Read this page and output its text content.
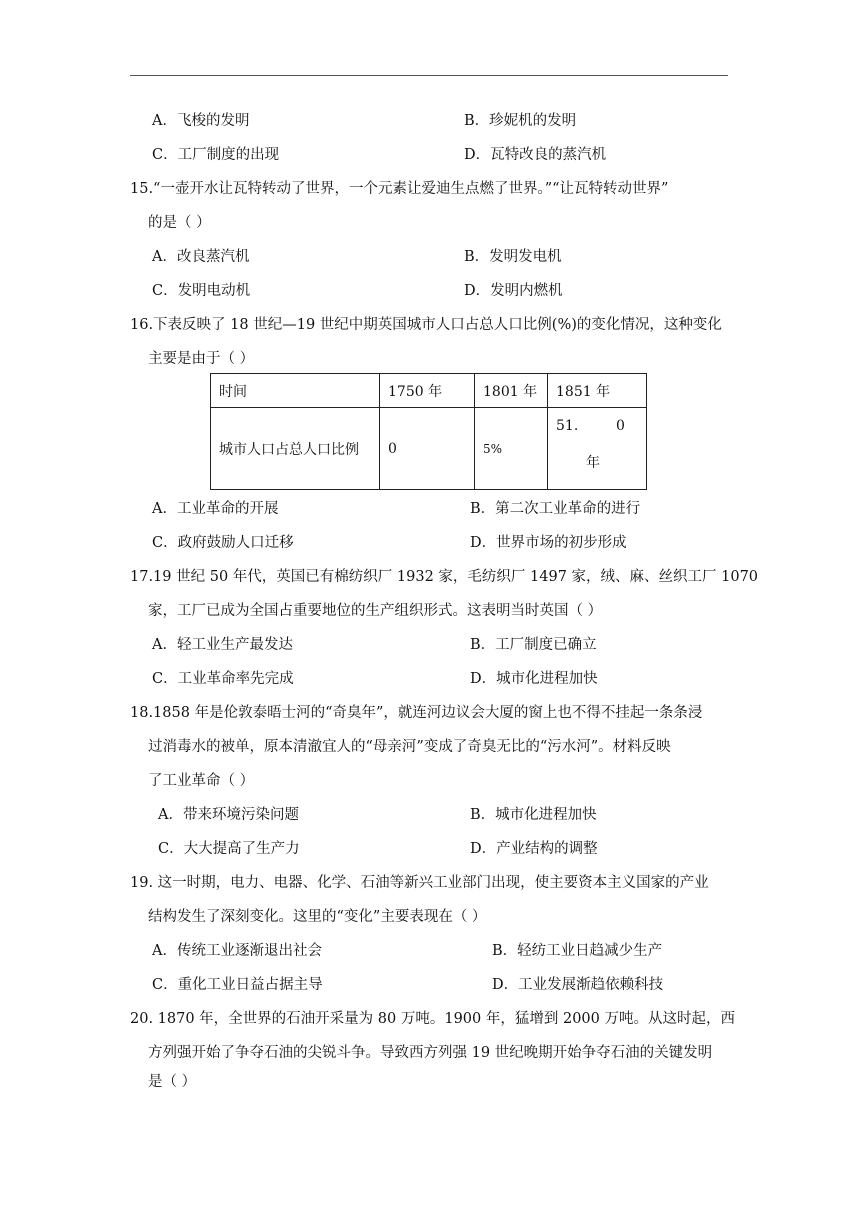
A．飞梭的发明	B．珍妮机的发明
C．工厂制度的出现	D．瓦特改良的蒸汽机
15.“一壶开水让瓦特转动了世界，一个元素让爱迪生点燃了世界。”“让瓦特转动世界”
的是（ ）
A．改良蒸汽机	B．发明发电机
C．发明电动机	D．发明内燃机
16.下表反映了 18 世纪—19 世纪中期英国城市人口占总人口比例(%)的变化情况，这种变化
主要是由于（ ）
时间	1750 年	1801 年	1851 年
城市人口占总人口比例	0	5%	51. 0
年
A．工业革命的开展	B．第二次工业革命的进行
C．政府鼓励人口迁移	D．世界市场的初步形成
17.19 世纪 50 年代，英国已有棉纺织厂 1932 家，毛纺织厂 1497 家，绒、麻、丝织工厂 1070
家，工厂已成为全国占重要地位的生产组织形式。这表明当时英国（ ）
A．轻工业生产最发达	B．工厂制度已确立
C．工业革命率先完成	D．城市化进程加快
18.1858 年是伦敦泰晤士河的“奇臭年”，就连河边议会大厦的窗上也不得不挂起一条条浸
过消毒水的被单，原本清澈宜人的“母亲河”变成了奇臭无比的“污水河”。材料反映
了工业革命（ ）
A．带来环境污染问题	B．城市化进程加快
C．大大提高了生产力	D．产业结构的调整
19. 这一时期，电力、电器、化学、石油等新兴工业部门出现，使主要资本主义国家的产业
结构发生了深刻变化。这里的“变化”主要表现在（ ）
A．传统工业逐渐退出社会	B．轻纺工业日趋减少生产
C．重化工业日益占据主导	D．工业发展渐趋依赖科技
20. 1870 年，全世界的石油开采量为 80 万吨。1900 年，猛增到 2000 万吨。从这时起，西
方列强开始了争夺石油的尖锐斗争。导致西方列强 19 世纪晚期开始争夺石油的关键发明
是（ ）
